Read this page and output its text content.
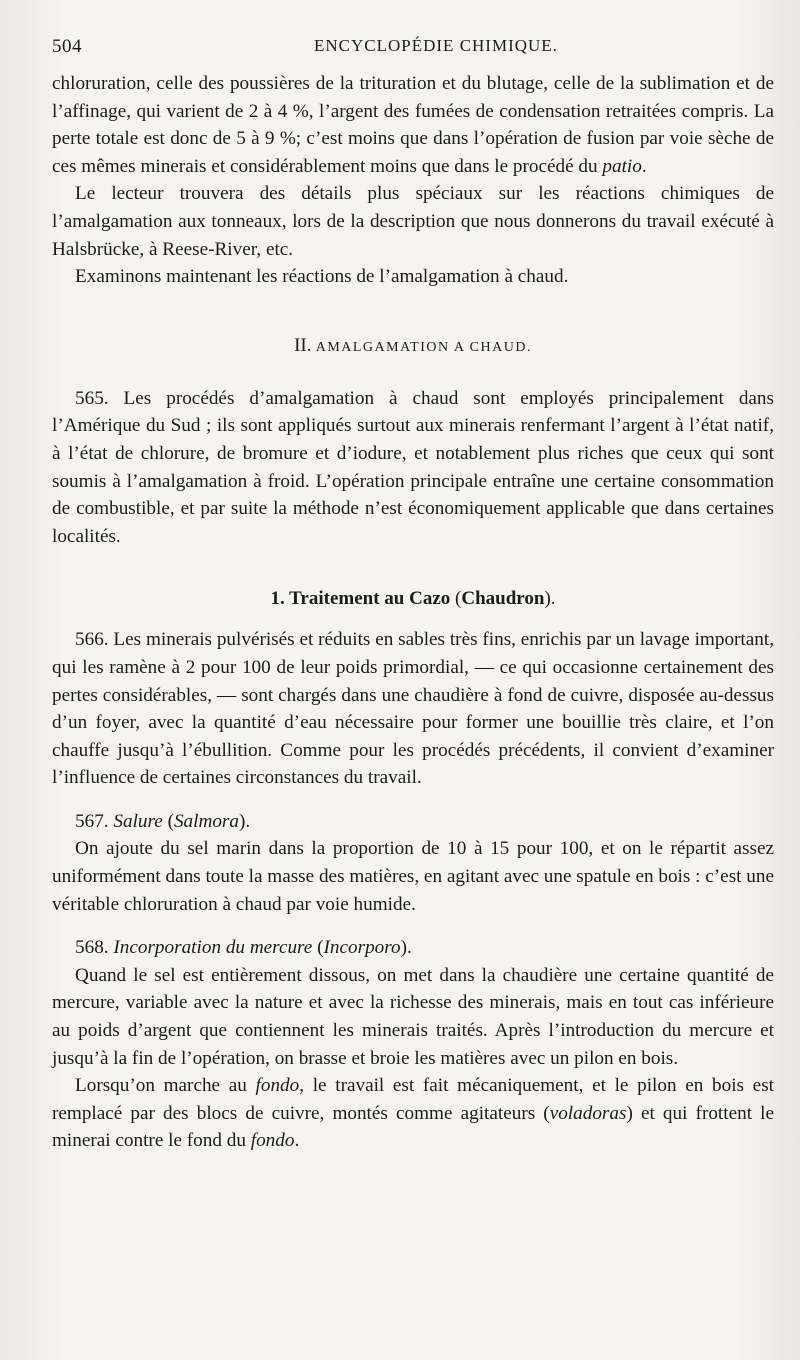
504	ENCYCLOPÉDIE CHIMIQUE.

chloruration, celle des poussières de la trituration et du blutage, celle de la sublimation et de l’affinage, qui varient de 2 à 4 %, l’argent des fumées de condensation retraitées compris. La perte totale est donc de 5 à 9 %; c’est moins que dans l’opération de fusion par voie sèche de ces mêmes minerais et considérablement moins que dans le procédé du patio.

Le lecteur trouvera des détails plus spéciaux sur les réactions chimiques de l’amalgamation aux tonneaux, lors de la description que nous donnerons du travail exécuté à Halsbrücke, à Reese-River, etc.

Examinons maintenant les réactions de l’amalgamation à chaud.

II. AMALGAMATION A CHAUD.

565. Les procédés d’amalgamation à chaud sont employés principalement dans l’Amérique du Sud ; ils sont appliqués surtout aux minerais renfermant l’argent à l’état natif, à l’état de chlorure, de bromure et d’iodure, et notablement plus riches que ceux qui sont soumis à l’amalgamation à froid. L’opération principale entraîne une certaine consommation de combustible, et par suite la méthode n’est économiquement applicable que dans certaines localités.

1. Traitement au Cazo (Chaudron).

566. Les minerais pulvérisés et réduits en sables très fins, enrichis par un lavage important, qui les ramène à 2 pour 100 de leur poids primordial, — ce qui occasionne certainement des pertes considérables, — sont chargés dans une chaudière à fond de cuivre, disposée au-dessus d’un foyer, avec la quantité d’eau nécessaire pour former une bouillie très claire, et l’on chauffe jusqu’à l’ébullition. Comme pour les procédés précédents, il convient d’examiner l’influence de certaines circonstances du travail.

567. Salure (Salmora).

On ajoute du sel marin dans la proportion de 10 à 15 pour 100, et on le répartit assez uniformément dans toute la masse des matières, en agitant avec une spatule en bois : c’est une véritable chloruration à chaud par voie humide.

568. Incorporation du mercure (Incorporo).

Quand le sel est entièrement dissous, on met dans la chaudière une certaine quantité de mercure, variable avec la nature et avec la richesse des minerais, mais en tout cas inférieure au poids d’argent que contiennent les minerais traités. Après l’introduction du mercure et jusqu’à la fin de l’opération, on brasse et broie les matières avec un pilon en bois.

Lorsqu’on marche au fondo, le travail est fait mécaniquement, et le pilon en bois est remplacé par des blocs de cuivre, montés comme agitateurs (voladoras) et qui frottent le minerai contre le fond du fondo.
